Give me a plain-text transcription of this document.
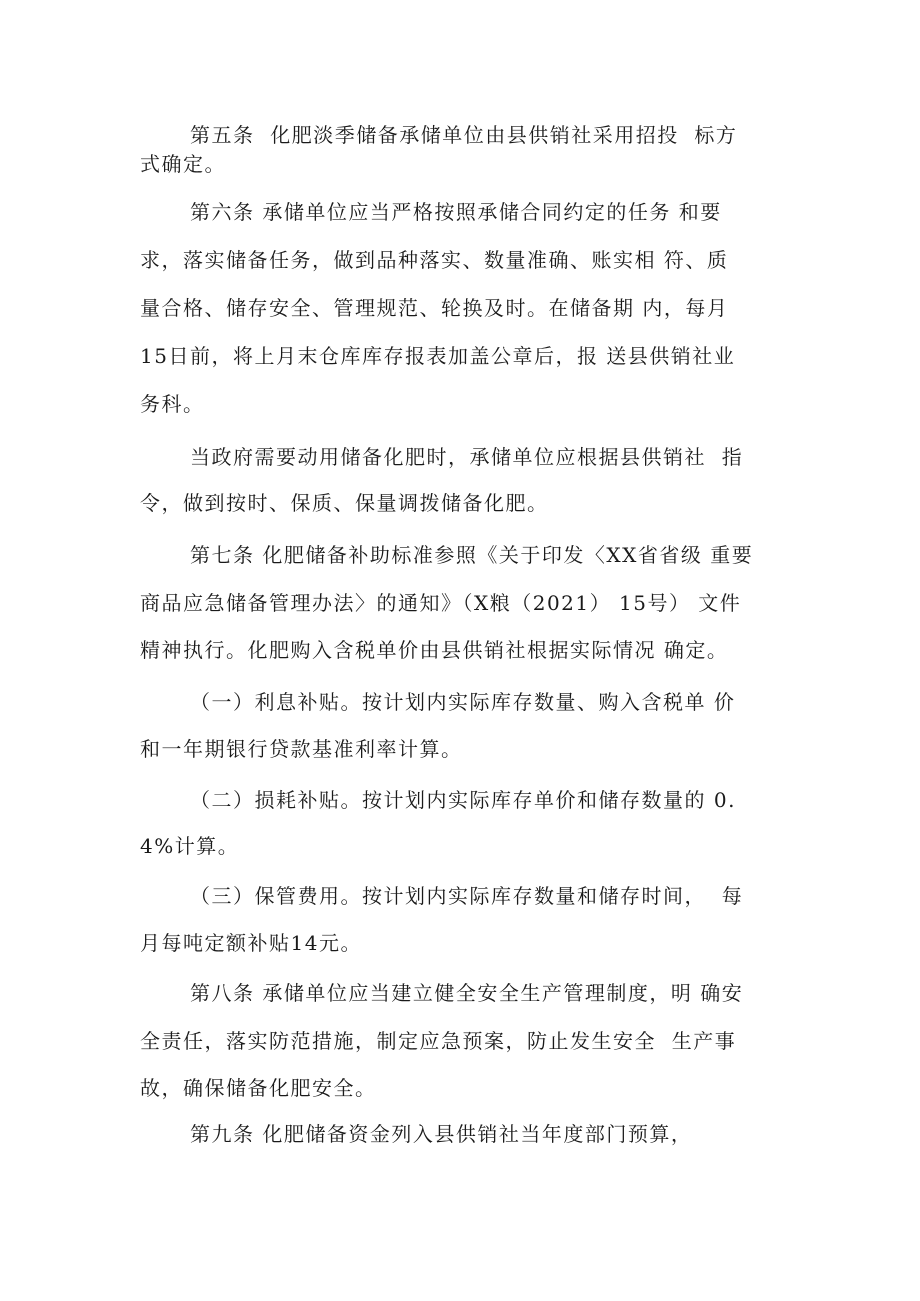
第五条  化肥淡季储备承储单位由县供销社采用招投  标方

式确定。

第六条 承储单位应当严格按照承储合同约定的任务 和要

求，落实储备任务，做到品种落实、数量准确、账实相 符、质

量合格、储存安全、管理规范、轮换及时。在储备期 内，每月

15日前，将上月末仓库库存报表加盖公章后，报 送县供销社业

务科。

当政府需要动用储备化肥时，承储单位应根据县供销社  指

令，做到按时、保质、保量调拨储备化肥。

第七条 化肥储备补助标准参照《关于印发〈XX省省级 重要

商品应急储备管理办法〉的通知》（X粮（2021） 15号） 文件

精神执行。化肥购入含税单价由县供销社根据实际情况 确定。

（一）利息补贴。按计划内实际库存数量、购入含税单 价

和一年期银行贷款基准利率计算。

（二）损耗补贴。按计划内实际库存单价和储存数量的 0.

4%计算。

（三）保管费用。按计划内实际库存数量和储存时间，  每

月每吨定额补贴14元。

第八条 承储单位应当建立健全安全生产管理制度，明 确安

全责任，落实防范措施，制定应急预案，防止发生安全  生产事

故，确保储备化肥安全。

第九条 化肥储备资金列入县供销社当年度部门预算，
